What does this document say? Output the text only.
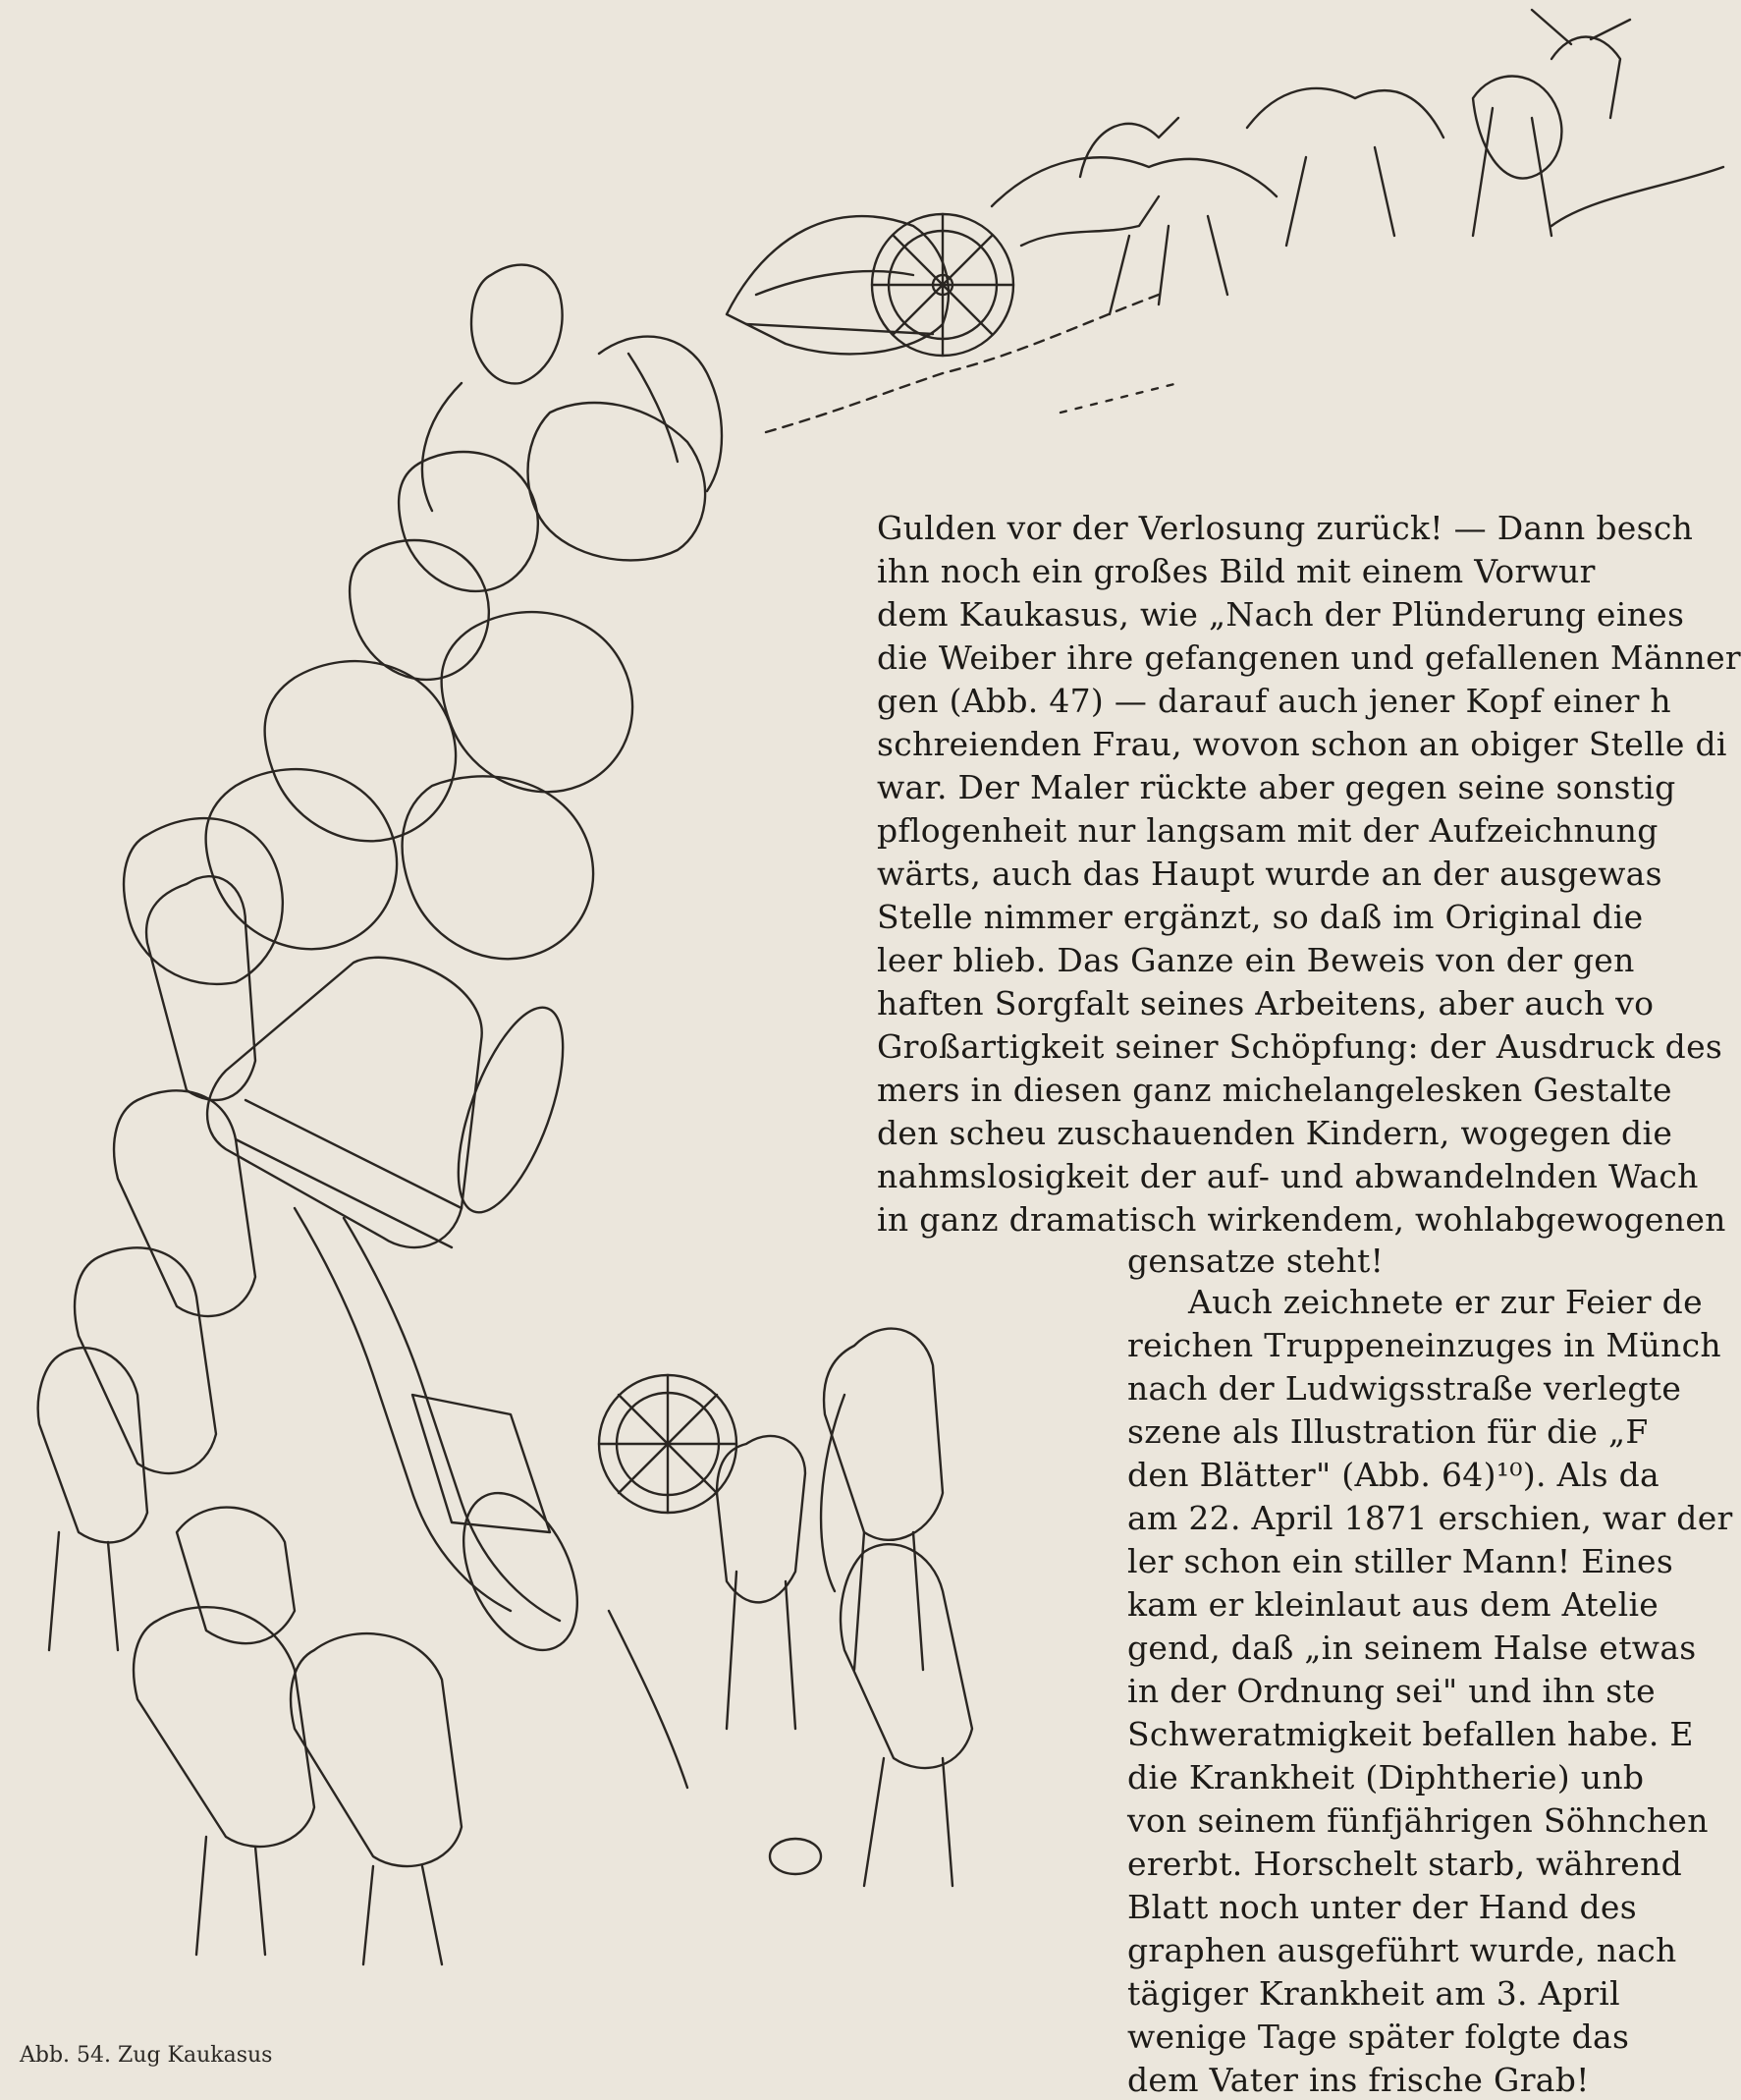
Gulden vor der Verlosung zurück! — Dann besch
ihn noch ein großes Bild mit einem Vorwur
dem Kaukasus, wie „Nach der Plünderung eines
die Weiber ihre gefangenen und gefallenen Männer
gen (Abb. 47) — darauf auch jener Kopf einer h
schreienden Frau, wovon schon an obiger Stelle di
war. Der Maler rückte aber gegen seine sonstig
pflogenheit nur langsam mit der Aufzeichnung
wärts, auch das Haupt wurde an der ausgewas
Stelle nimmer ergänzt, so daß im Original die
leer blieb. Das Ganze ein Beweis von der gen
haften Sorgfalt seines Arbeitens, aber auch vo
Großartigkeit seiner Schöpfung: der Ausdruck des
mers in diesen ganz michelangelesken Gestalte
den scheu zuschauenden Kindern, wogegen die
nahmslosigkeit der auf- und abwandelnden Wach
in ganz dramatisch wirkendem, wohlabgewogenen
gensatze steht!
Auch zeichnete er zur Feier de
reichen Truppeneinzuges in Münch
nach der Ludwigsstraße verlegte
szene als Illustration für die „F
den Blätter" (Abb. 64)¹⁰). Als da
am 22. April 1871 erschien, war der
ler schon ein stiller Mann! Eines
kam er kleinlaut aus dem Atelie
gend, daß „in seinem Halse etwas
in der Ordnung sei" und ihn ste
Schweratmigkeit befallen habe. E
die Krankheit (Diphtherie) unb
von seinem fünfjährigen Söhnchen
ererbt. Horschelt starb, während
Blatt noch unter der Hand des
graphen ausgeführt wurde, nach
tägiger Krankheit am 3. April
wenige Tage später folgte das
dem Vater ins frische Grab!
Abb. 54. Zug Kaukasus
